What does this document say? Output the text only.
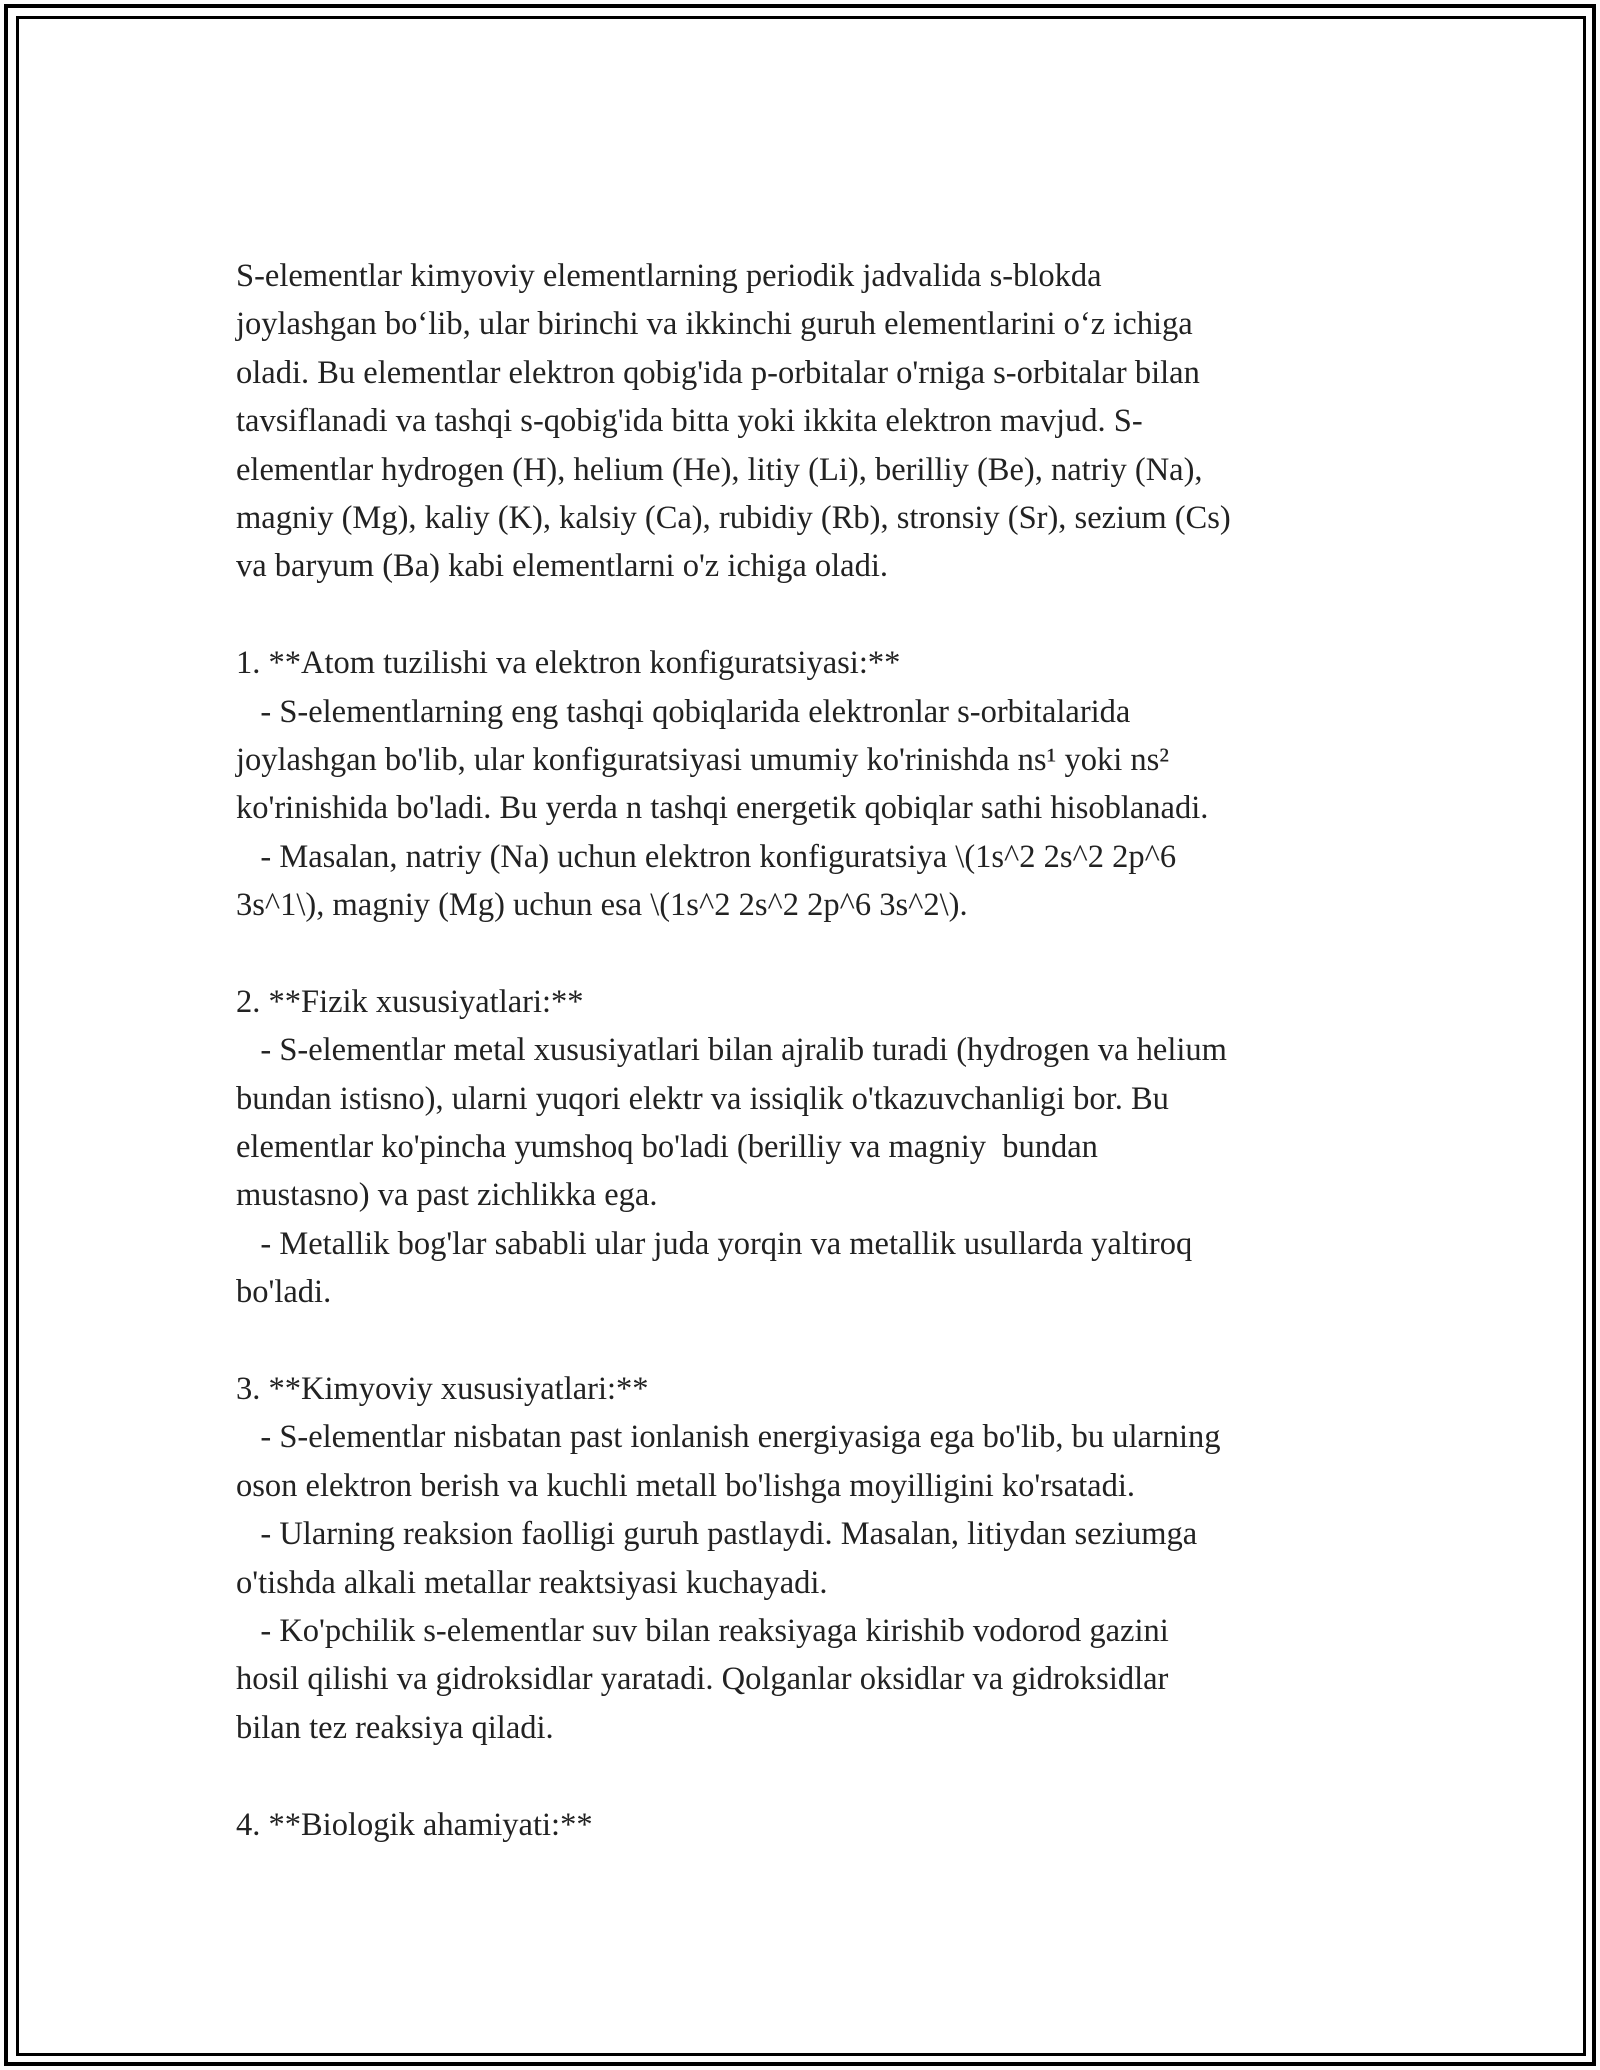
S-elementlar kimyoviy elementlarning periodik jadvalida s-blokda
joylashgan bo‘lib, ular birinchi va ikkinchi guruh elementlarini o‘z ichiga
oladi. Bu elementlar elektron qobig'ida p-orbitalar o'rniga s-orbitalar bilan
tavsiflanadi va tashqi s-qobig'ida bitta yoki ikkita elektron mavjud. S-
elementlar hydrogen (H), helium (He), litiy (Li), berilliy (Be), natriy (Na),
magniy (Mg), kaliy (K), kalsiy (Ca), rubidiy (Rb), stronsiy (Sr), sezium (Cs)
va baryum (Ba) kabi elementlarni o'z ichiga oladi.
1. **Atom tuzilishi va elektron konfiguratsiyasi:**
- S-elementlarning eng tashqi qobiqlarida elektronlar s-orbitalarida
joylashgan bo'lib, ular konfiguratsiyasi umumiy ko'rinishda ns¹ yoki ns²
ko'rinishida bo'ladi. Bu yerda n tashqi energetik qobiqlar sathi hisoblanadi.
- Masalan, natriy (Na) uchun elektron konfiguratsiya \(1s^2 2s^2 2p^6
3s^1\), magniy (Mg) uchun esa \(1s^2 2s^2 2p^6 3s^2\).
2. **Fizik xususiyatlari:**
- S-elementlar metal xususiyatlari bilan ajralib turadi (hydrogen va helium
bundan istisno), ularni yuqori elektr va issiqlik o'tkazuvchanligi bor. Bu
elementlar ko'pincha yumshoq bo'ladi (berilliy va magniy  bundan
mustasno) va past zichlikka ega.
- Metallik bog'lar sababli ular juda yorqin va metallik usullarda yaltiroq
bo'ladi.
3. **Kimyoviy xususiyatlari:**
- S-elementlar nisbatan past ionlanish energiyasiga ega bo'lib, bu ularning
oson elektron berish va kuchli metall bo'lishga moyilligini ko'rsatadi.
- Ularning reaksion faolligi guruh pastlaydi. Masalan, litiydan seziumga
o'tishda alkali metallar reaktsiyasi kuchayadi.
- Ko'pchilik s-elementlar suv bilan reaksiyaga kirishib vodorod gazini
hosil qilishi va gidroksidlar yaratadi. Qolganlar oksidlar va gidroksidlar
bilan tez reaksiya qiladi.
4. **Biologik ahamiyati:**
